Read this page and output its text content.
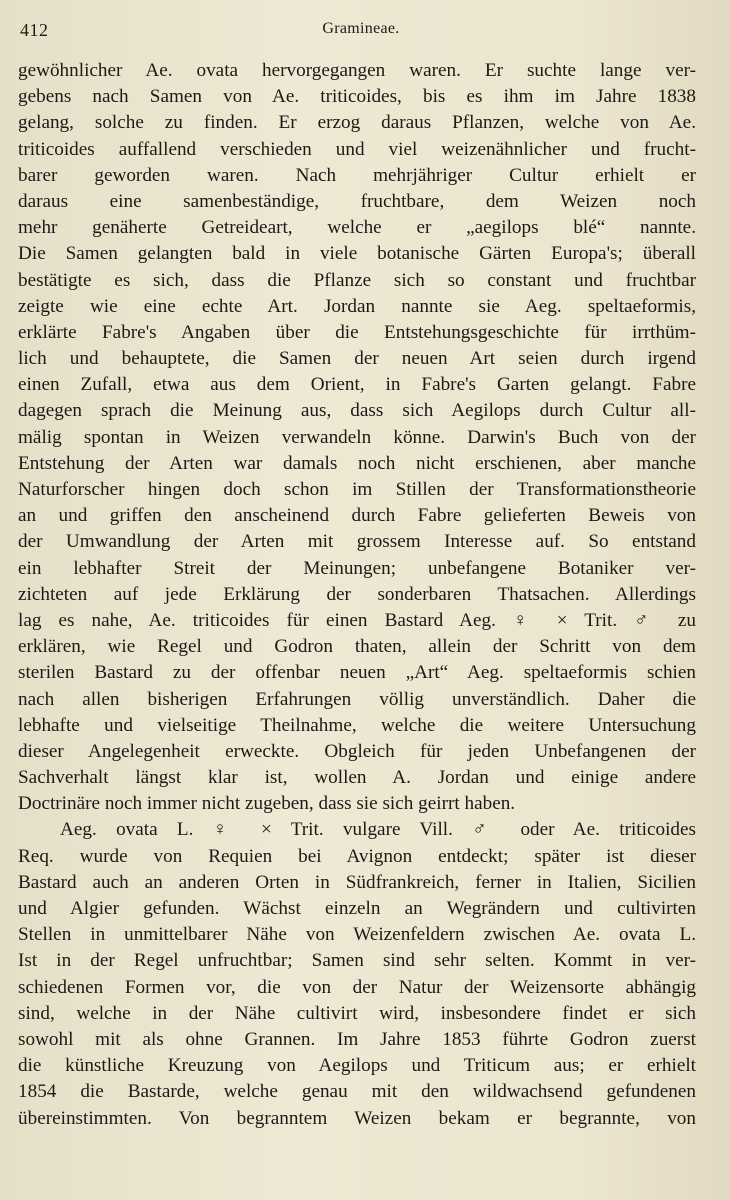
412	Gramineae.
gewöhnlicher Ae. ovata hervorgegangen waren. Er suchte lange ver-
gebens nach Samen von Ae. triticoides, bis es ihm im Jahre 1838
gelang, solche zu finden. Er erzog daraus Pflanzen, welche von Ae.
triticoides auffallend verschieden und viel weizenähnlicher und frucht-
barer geworden waren. Nach mehrjähriger Cultur erhielt er
daraus eine samenbeständige, fruchtbare, dem Weizen noch
mehr genäherte Getreideart, welche er „aegilops blé“ nannte.
Die Samen gelangten bald in viele botanische Gärten Europa's; überall
bestätigte es sich, dass die Pflanze sich so constant und fruchtbar
zeigte wie eine echte Art. Jordan nannte sie Aeg. speltaeformis,
erklärte Fabre's Angaben über die Entstehungsgeschichte für irrthüm-
lich und behauptete, die Samen der neuen Art seien durch irgend
einen Zufall, etwa aus dem Orient, in Fabre's Garten gelangt. Fabre
dagegen sprach die Meinung aus, dass sich Aegilops durch Cultur all-
mälig spontan in Weizen verwandeln könne. Darwin's Buch von der
Entstehung der Arten war damals noch nicht erschienen, aber manche
Naturforscher hingen doch schon im Stillen der Transformationstheorie
an und griffen den anscheinend durch Fabre gelieferten Beweis von
der Umwandlung der Arten mit grossem Interesse auf. So entstand
ein lebhafter Streit der Meinungen; unbefangene Botaniker ver-
zichteten auf jede Erklärung der sonderbaren Thatsachen. Allerdings
lag es nahe, Ae. triticoides für einen Bastard Aeg. ♀ × Trit. ♂ zu
erklären, wie Regel und Godron thaten, allein der Schritt von dem
sterilen Bastard zu der offenbar neuen „Art“ Aeg. speltaeformis schien
nach allen bisherigen Erfahrungen völlig unverständlich. Daher die
lebhafte und vielseitige Theilnahme, welche die weitere Untersuchung
dieser Angelegenheit erweckte. Obgleich für jeden Unbefangenen der
Sachverhalt längst klar ist, wollen A. Jordan und einige andere
Doctrinäre noch immer nicht zugeben, dass sie sich geirrt haben.
Aeg. ovata L. ♀ × Trit. vulgare Vill. ♂ oder Ae. triticoides
Req. wurde von Requien bei Avignon entdeckt; später ist dieser
Bastard auch an anderen Orten in Südfrankreich, ferner in Italien, Sicilien
und Algier gefunden. Wächst einzeln an Wegrändern und cultivirten
Stellen in unmittelbarer Nähe von Weizenfeldern zwischen Ae. ovata L.
Ist in der Regel unfruchtbar; Samen sind sehr selten. Kommt in ver-
schiedenen Formen vor, die von der Natur der Weizensorte abhängig
sind, welche in der Nähe cultivirt wird, insbesondere findet er sich
sowohl mit als ohne Grannen. Im Jahre 1853 führte Godron zuerst
die künstliche Kreuzung von Aegilops und Triticum aus; er erhielt
1854 die Bastarde, welche genau mit den wildwachsend gefundenen
übereinstimmten. Von begranntem Weizen bekam er begrannte, von
